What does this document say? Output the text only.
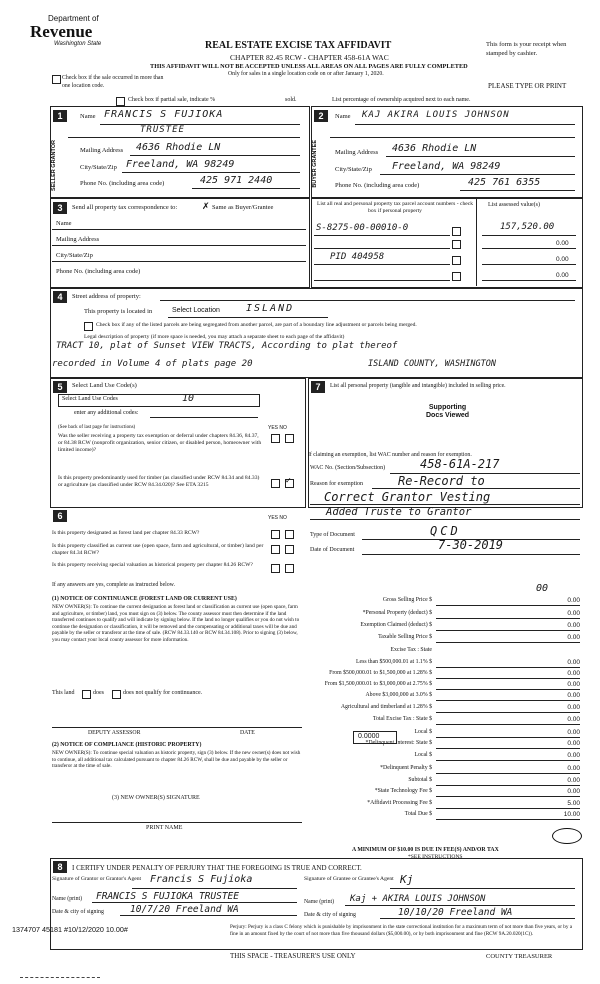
Department of
Revenue
Washington State	REAL ESTATE EXCISE TAX AFFIDAVIT
CHAPTER 82.45 RCW - CHAPTER 458-61A WAC
THIS AFFIDAVIT WILL NOT BE ACCEPTED UNLESS ALL AREAS ON ALL PAGES ARE FULLY COMPLETED
Only for sales in a single location code on or after January 1, 2020.
This form is your receipt when stamped by cashier.
PLEASE TYPE OR PRINT
Check box if the sale occurred in more than one location code.
Check box if partial sale, indicate %	sold.	List percentage of ownership acquired next to each name.
1
SELLER GRANTOR
Name FRANCIS S FUJIOKA
TRUSTEE
Mailing Address 4636 Rhodie LN
City/State/Zip Freeland, WA 98249
Phone No. (including area code)	425 971 2440
2
BUYER GRANTEE
Name KAJ AKIRA LOUIS JOHNSON
Mailing Address 4636 Rhodie LN
City/State/Zip Freeland, WA 98249
Phone No. (including area code)	425 761 6355
3	Send all property tax correspondence to:	✗ Same as Buyer/Grantee
Name
Mailing Address
City/State/Zip
Phone No. (including area code)
List all real and personal property tax parcel account numbers - check box if personal property
List assessed value(s)
S-8275-00-00010-0	157,520.00
0.00
PID 404958	0.00
0.00
4	Street address of property:
This property is located in	Select Location	ISLAND
Check box if any of the listed parcels are being segregated from another parcel, are part of a boundary line adjustment or parcels being merged.
Legal description of property (if more space is needed, you may attach a separate sheet to each page of the affidavit)
TRACT 10, plat of Sunset VIEW TRACTS, According to plat thereof
recorded in Volume 4 of plats page 20	ISLAND COUNTY, WASHINGTON
5	Select Land Use Code(s)
Select Land Use Codes	10
enter any additional codes:
(See back of last page for instructions)	YES NO
Was the seller receiving a property tax exemption or deferral under chapters 84.36, 84.37, or 84.38 RCW (nonprofit organization, senior citizen, or disabled person, homeowner with limited income)?
Is this property predominantly used for timber (as classified under RCW 84.34 and 84.33) or agriculture (as classified under RCW 84.34.020)? See ETA 3215	✓
7	List all personal property (tangible and intangible) included in selling price.
Supporting
Docs Viewed
6	YES NO
Is this property designated as forest land per chapter 84.33 RCW?
Is this property classified as current use (open space, farm and agricultural, or timber) land per chapter 84.34 RCW?
Is this property receiving special valuation as historical property per chapter 84.26 RCW?
If any answers are yes, complete as instructed below.
(1) NOTICE OF CONTINUANCE (FOREST LAND OR CURRENT USE)
NEW OWNER(S): To continue the current designation as forest land or classification as current use (open space, farm and agriculture, or timber) land, you must sign on (3) below. The county assessor must then determine if the land transferred continues to qualify and will indicate by signing below. If the land no longer qualifies or you do not wish to continue the designation or classification, it will be removed and the compensating or additional taxes will be due and payable by the seller or transferor at the time of sale. (RCW 84.33.140 or RCW 84.34.108). Prior to signing (3) below, you may contact your local county assessor for more information.
This land	does	does not qualify for continuance.
DEPUTY ASSESSOR	DATE
(2) NOTICE OF COMPLIANCE (HISTORIC PROPERTY)
NEW OWNER(S): To continue special valuation as historic property, sign (3) below. If the new owner(s) does not wish to continue, all additional tax calculated pursuant to chapter 84.26 RCW, shall be due and payable by the seller or transferor at the time of sale.
(3) NEW OWNER(S) SIGNATURE
PRINT NAME
If claiming an exemption, list WAC number and reason for exemption.
WAC No. (Section/Subsection)	458-61A-217
Reason for exemption	Re-Record to
Correct Grantor Vesting
Added Truste to Grantor
Type of Document	QCD
Date of Document	7-30-2019
Gross Selling Price $	0.00
*Personal Property (deduct) $	0.00
Exemption Claimed (deduct) $	0.00
Taxable Selling Price $	0.00
Excise Tax : State
Less than $500,000.01 at 1.1% $	0.00
From $500,000.01 to $1,500,000 at 1.28% $	0.00
From $1,500,000.01 to $3,000,000 at 2.75% $	0.00
Above $3,000,000 at 3.0% $	0.00
Agricultural and timberland at 1.28% $	0.00
Total Excise Tax : State $	0.00
Local $	0.00
*Delinquent Interest: State $	0.00
Local $	0.00
*Delinquent Penalty $	0.00
Subtotal $	0.00
*State Technology Fee $	0.00
*Affidavit Processing Fee $	5.00
Total Due $	10.00
00
0.0000
A MINIMUM OF $10.00 IS DUE IN FEE(S) AND/OR TAX
*SEE INSTRUCTIONS
8	I CERTIFY UNDER PENALTY OF PERJURY THAT THE FOREGOING IS TRUE AND CORRECT.
Signature of Grantor or Grantor's Agent Francis S Fujioka
Name (print) FRANCIS S FUJIOKA TRUSTEE
Date & city of signing	10/7/20 Freeland WA
Signature of Grantee or Grantee's Agent Kj
Name (print) Kaj + AKIRA LOUIS JOHNSON
Date & city of signing	10/10/20 Freeland WA
1374707 45181 #10/12/2020 10.00#	Perjury: Perjury is a class C felony which is punishable by imprisonment in the state correctional institution for a maximum term of not more than five years, or by a fine in an amount fixed by the court of not more than five thousand dollars ($5,000.00), or by both imprisonment and fine (RCW 9A.20.020(1C)).
THIS SPACE - TREASURER'S USE ONLY	COUNTY TREASURER
